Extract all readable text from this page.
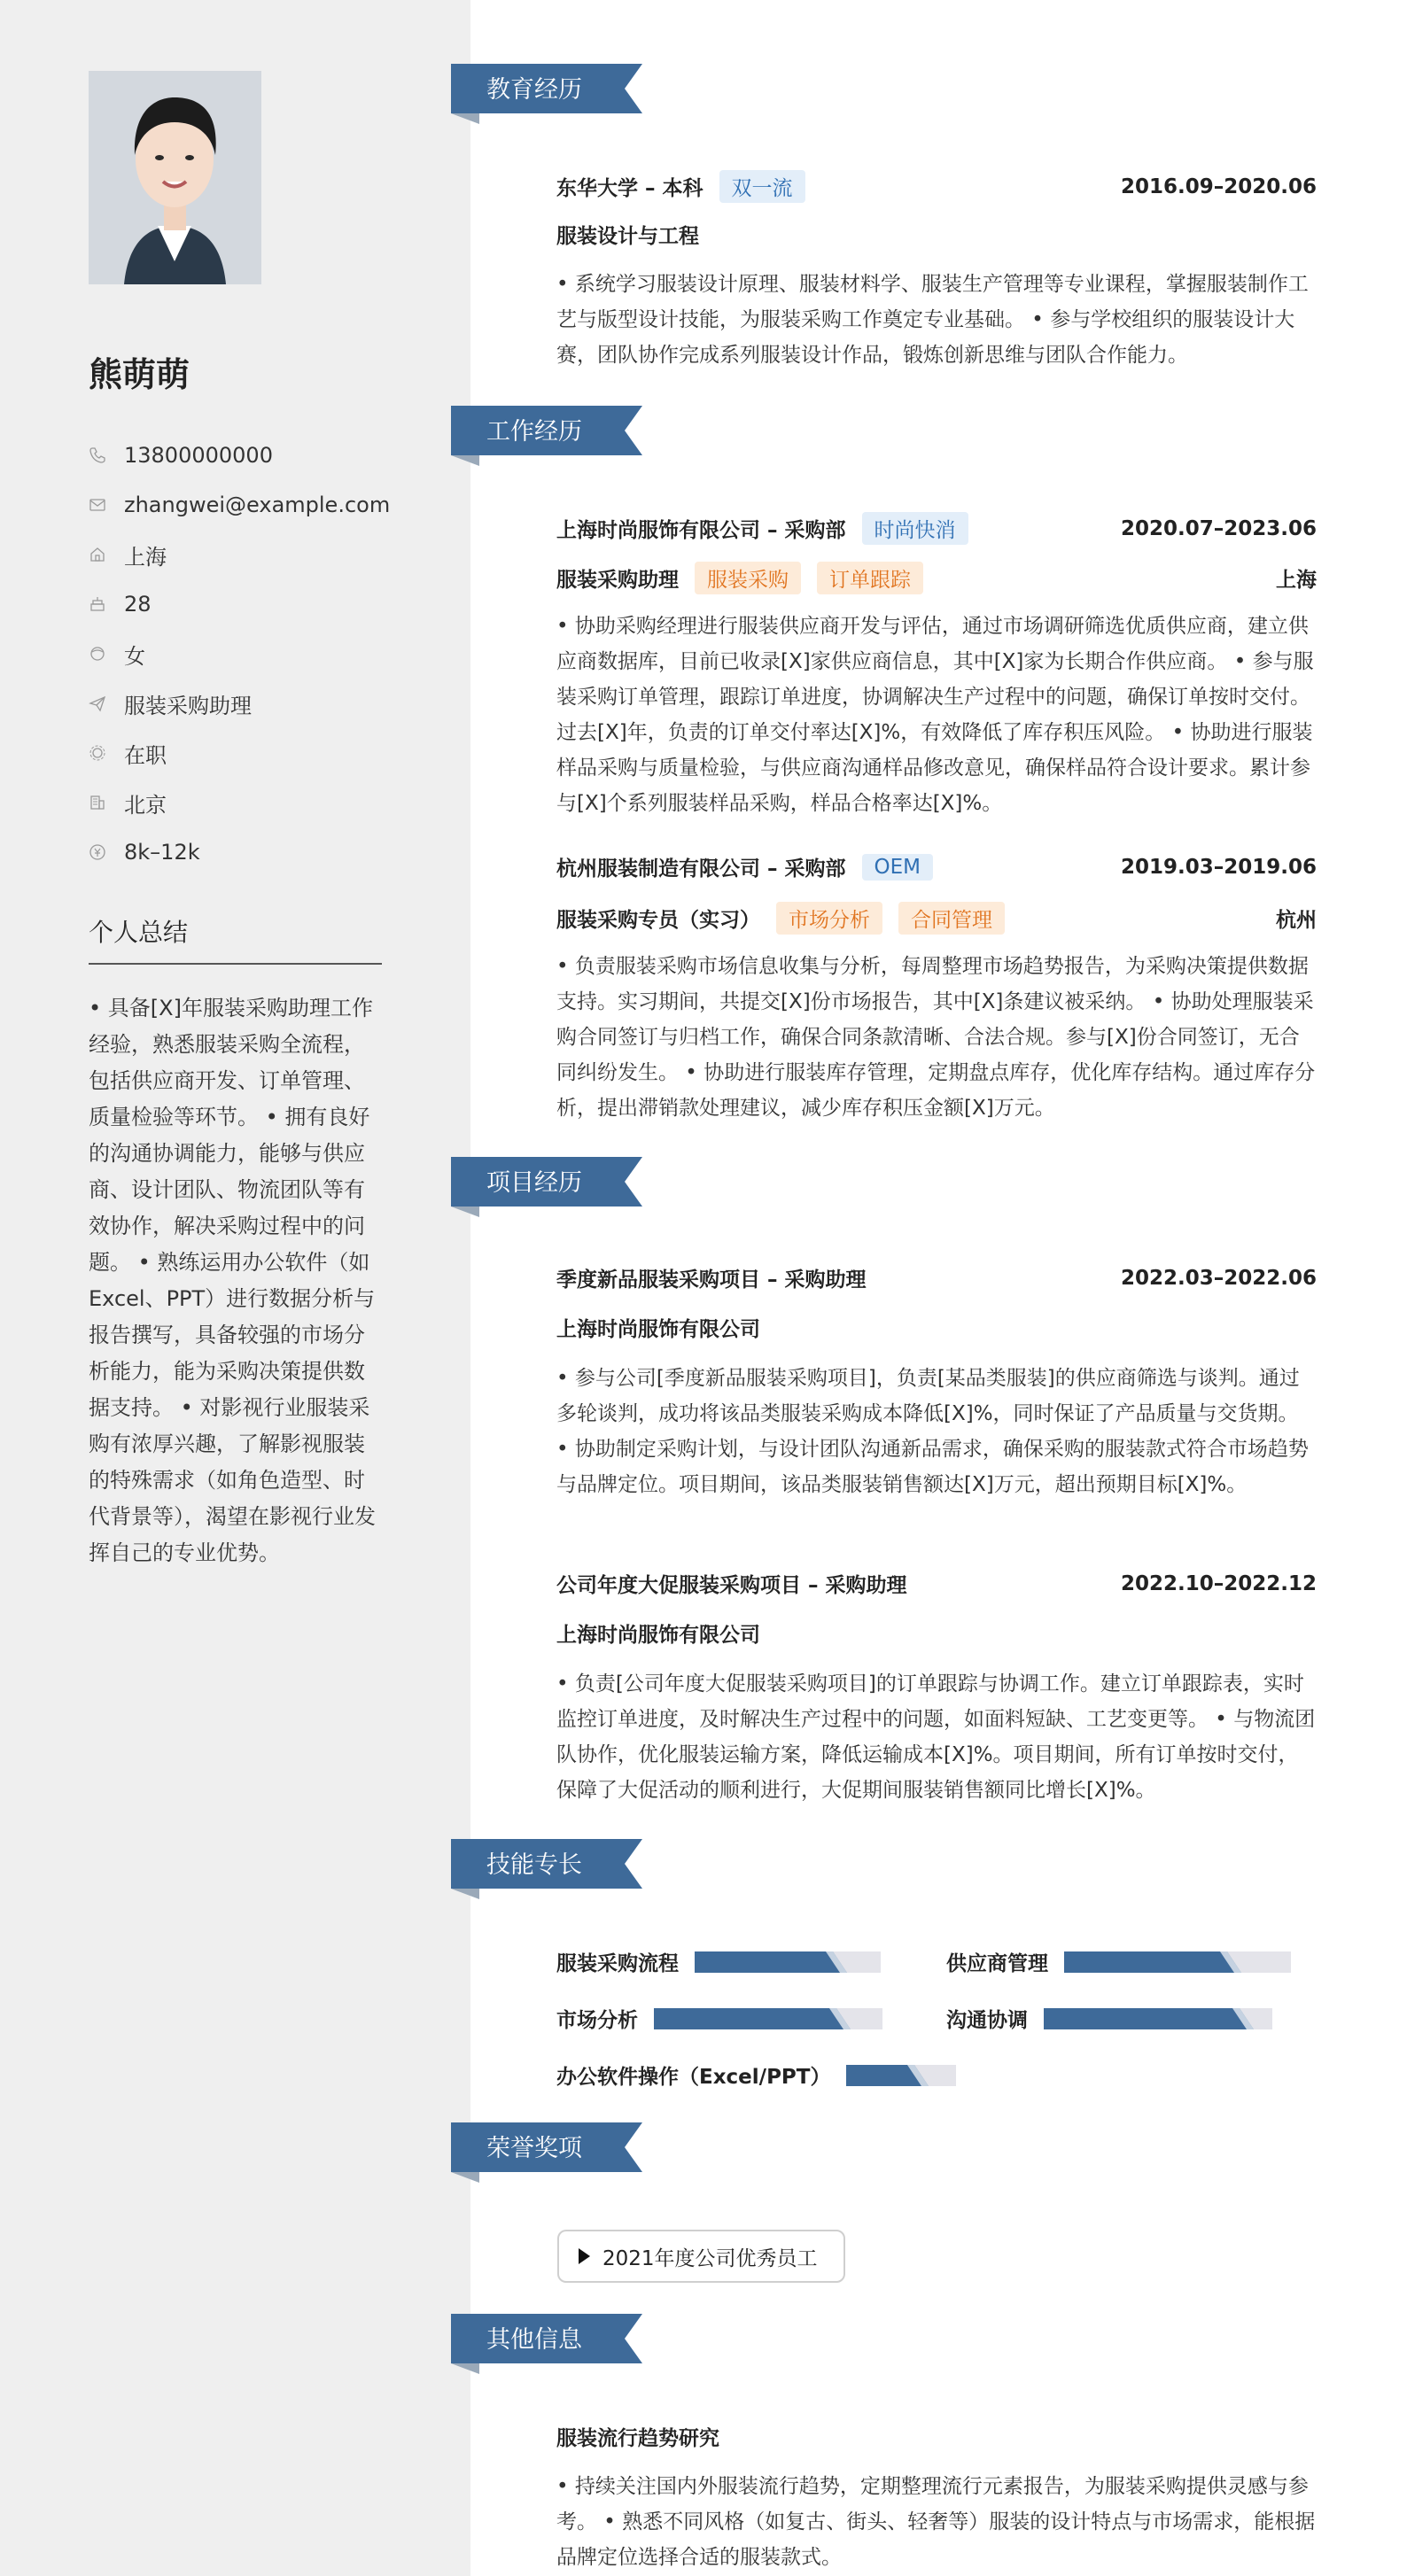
熊萌萌
13800000000
zhangwei@example.com
上海
28
女
服装采购助理
在职
北京
8k–12k
个人总结
• 具备[X]年服装采购助理工作经验，熟悉服装采购全流程，包括供应商开发、订单管理、质量检验等环节。 • 拥有良好的沟通协调能力，能够与供应商、设计团队、物流团队等有效协作，解决采购过程中的问题。 • 熟练运用办公软件（如Excel、PPT）进行数据分析与报告撰写，具备较强的市场分析能力，能为采购决策提供数据支持。 • 对影视行业服装采购有浓厚兴趣，了解影视服装的特殊需求（如角色造型、时代背景等），渴望在影视行业发挥自己的专业优势。
教育经历
东华大学 – 本科	双一流	2016.09–2020.06
服装设计与工程
• 系统学习服装设计原理、服装材料学、服装生产管理等专业课程，掌握服装制作工艺与版型设计技能，为服装采购工作奠定专业基础。 • 参与学校组织的服装设计大赛，团队协作完成系列服装设计作品，锻炼创新思维与团队合作能力。
工作经历
上海时尚服饰有限公司 – 采购部	时尚快消	2020.07–2023.06
服装采购助理	服装采购	订单跟踪	上海
• 协助采购经理进行服装供应商开发与评估，通过市场调研筛选优质供应商，建立供应商数据库，目前已收录[X]家供应商信息，其中[X]家为长期合作供应商。 • 参与服装采购订单管理，跟踪订单进度，协调解决生产过程中的问题，确保订单按时交付。过去[X]年，负责的订单交付率达[X]%，有效降低了库存积压风险。 • 协助进行服装样品采购与质量检验，与供应商沟通样品修改意见，确保样品符合设计要求。累计参与[X]个系列服装样品采购，样品合格率达[X]%。
杭州服装制造有限公司 – 采购部	OEM	2019.03–2019.06
服装采购专员（实习）	市场分析	合同管理	杭州
• 负责服装采购市场信息收集与分析，每周整理市场趋势报告，为采购决策提供数据支持。实习期间，共提交[X]份市场报告，其中[X]条建议被采纳。 • 协助处理服装采购合同签订与归档工作，确保合同条款清晰、合法合规。参与[X]份合同签订，无合同纠纷发生。 • 协助进行服装库存管理，定期盘点库存，优化库存结构。通过库存分析，提出滞销款处理建议，减少库存积压金额[X]万元。
项目经历
季度新品服装采购项目 – 采购助理	2022.03–2022.06
上海时尚服饰有限公司
• 参与公司[季度新品服装采购项目]，负责[某品类服装]的供应商筛选与谈判。通过多轮谈判，成功将该品类服装采购成本降低[X]%，同时保证了产品质量与交货期。 • 协助制定采购计划，与设计团队沟通新品需求，确保采购的服装款式符合市场趋势与品牌定位。项目期间，该品类服装销售额达[X]万元，超出预期目标[X]%。
公司年度大促服装采购项目 – 采购助理	2022.10–2022.12
上海时尚服饰有限公司
• 负责[公司年度大促服装采购项目]的订单跟踪与协调工作。建立订单跟踪表，实时监控订单进度，及时解决生产过程中的问题，如面料短缺、工艺变更等。 • 与物流团队协作，优化服装运输方案，降低运输成本[X]%。项目期间，所有订单按时交付，保障了大促活动的顺利进行，大促期间服装销售额同比增长[X]%。
技能专长
服装采购流程	供应商管理
市场分析	沟通协调
办公软件操作（Excel/PPT）
荣誉奖项
2021年度公司优秀员工
其他信息
服装流行趋势研究
• 持续关注国内外服装流行趋势，定期整理流行元素报告，为服装采购提供灵感与参考。 • 熟悉不同风格（如复古、街头、轻奢等）服装的设计特点与市场需求，能根据品牌定位选择合适的服装款式。
